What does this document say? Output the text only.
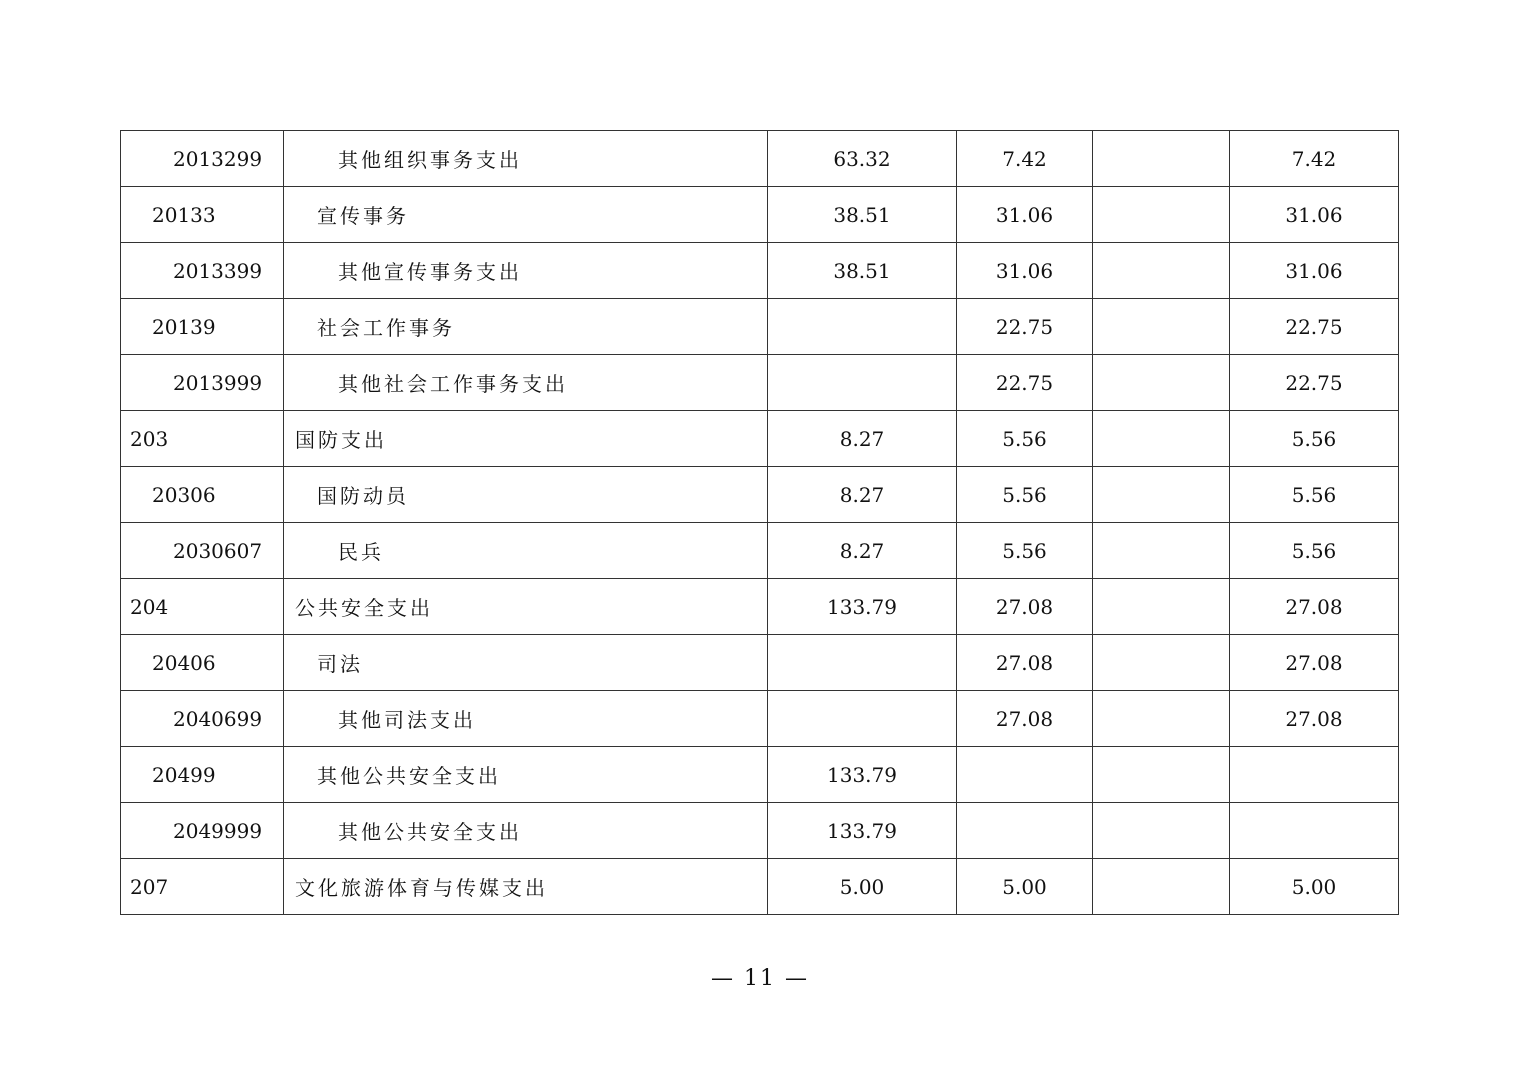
2013299	其他组织事务支出	63.32	7.42		7.42
20133	宣传事务	38.51	31.06		31.06
2013399	其他宣传事务支出	38.51	31.06		31.06
20139	社会工作事务		22.75		22.75
2013999	其他社会工作事务支出		22.75		22.75
203	国防支出	8.27	5.56		5.56
20306	国防动员	8.27	5.56		5.56
2030607	民兵	8.27	5.56		5.56
204	公共安全支出	133.79	27.08		27.08
20406	司法		27.08		27.08
2040699	其他司法支出		27.08		27.08
20499	其他公共安全支出	133.79			
2049999	其他公共安全支出	133.79			
207	文化旅游体育与传媒支出	5.00	5.00		5.00
— 11 —
